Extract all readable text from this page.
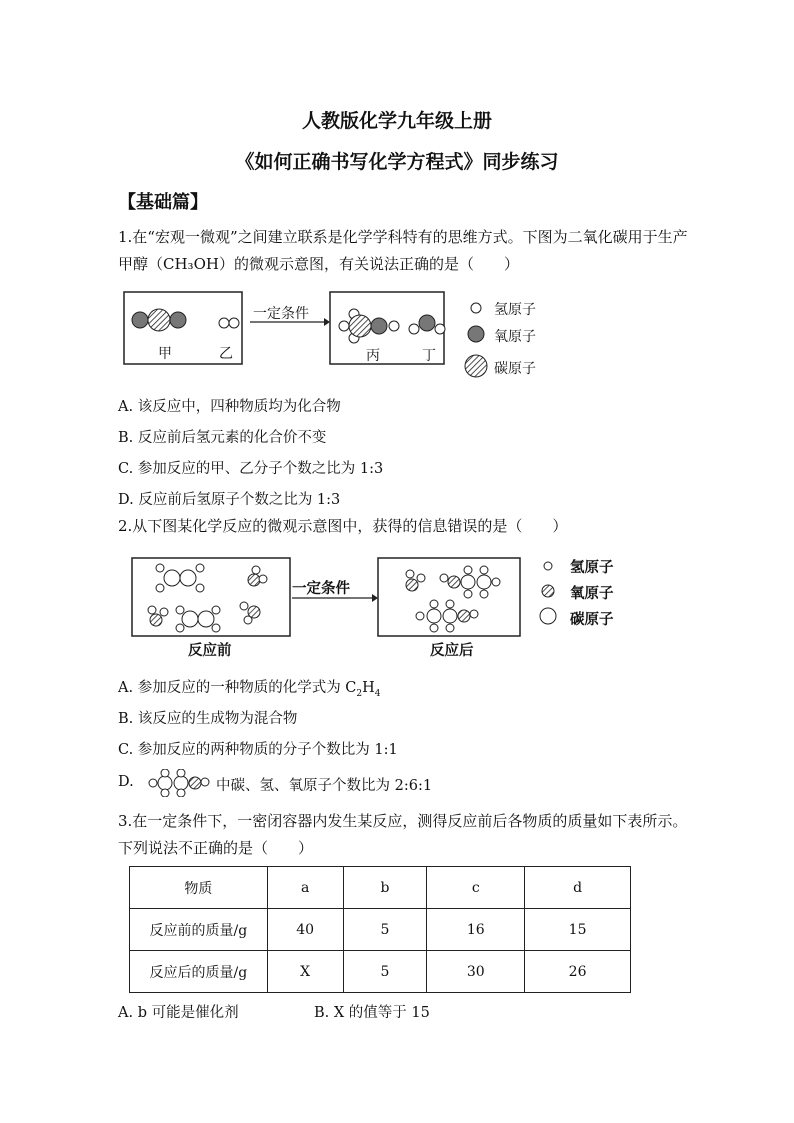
人教版化学九年级上册
《如何正确书写化学方程式》同步练习
【基础篇】
1.在“宏观一微观”之间建立联系是化学学科特有的思维方式。下图为二氧化碳用于生产甲醇（CH₃OH）的微观示意图，有关说法正确的是（　　）
一定条件
甲	乙	丙	丁
氢原子
氧原子
碳原子
A. 该反应中，四种物质均为化合物
B. 反应前后氢元素的化合价不变
C. 参加反应的甲、乙分子个数之比为 1:3
D. 反应前后氢原子个数之比为 1:3
2.从下图某化学反应的微观示意图中，获得的信息错误的是（　　）
一定条件
反应前	反应后
氢原子
氧原子
碳原子
A. 参加反应的一种物质的化学式为 $C_2H_4$
B. 该反应的生成物为混合物
C. 参加反应的两种物质的分子个数比为 1:1
D.	中碳、氢、氧原子个数比为 2:6:1
3.在一定条件下，一密闭容器内发生某反应，测得反应前后各物质的质量如下表所示。下列说法不正确的是（　　）
物质	a	b	c	d
反应前的质量/g	40	5	16	15
反应后的质量/g	X	5	30	26
A. b 可能是催化剂	B. X 的值等于 15
